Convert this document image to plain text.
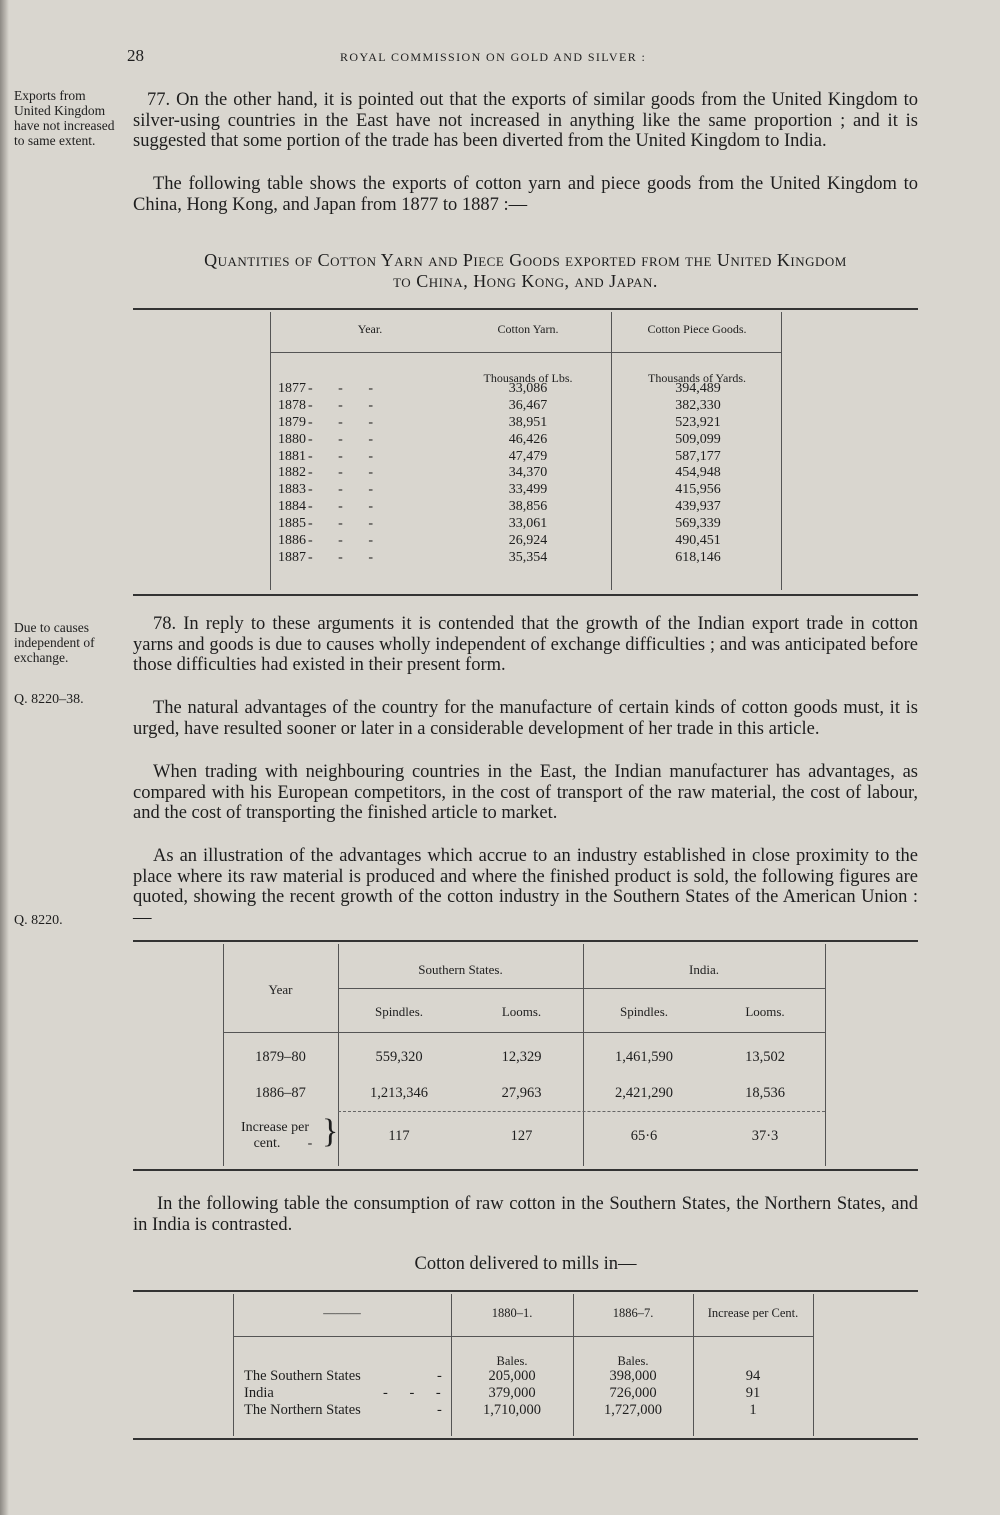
28	ROYAL COMMISSION ON GOLD AND SILVER :
Exports from United Kingdom have not increased to same extent.
Due to causes independent of exchange.
Q. 8220–38.
Q. 8220.

77. On the other hand, it is pointed out that the exports of similar goods from the United Kingdom to silver-using countries in the East have not increased in anything like the same proportion ; and it is suggested that some portion of the trade has been diverted from the United Kingdom to India.

The following table shows the exports of cotton yarn and piece goods from the United Kingdom to China, Hong Kong, and Japan from 1877 to 1887 :—

Quantities of Cotton Yarn and Piece Goods exported from the United Kingdom
to China, Hong Kong, and Japan.
Year.	Cotton Yarn.	Cotton Piece Goods.
Thousands of Lbs.	Thousands of Yards.
1877 - - -	33,086	394,489
1878 - - -	36,467	382,330
1879 - - -	38,951	523,921
1880 - - -	46,426	509,099
1881 - - -	47,479	587,177
1882 - - -	34,370	454,948
1883 - - -	33,499	415,956
1884 - - -	38,856	439,937
1885 - - -	33,061	569,339
1886 - - -	26,924	490,451
1887 - - -	35,354	618,146

78. In reply to these arguments it is contended that the growth of the Indian export trade in cotton yarns and goods is due to causes wholly independent of exchange difficulties ; and was anticipated before those difficulties had existed in their present form.

The natural advantages of the country for the manufacture of certain kinds of cotton goods must, it is urged, have resulted sooner or later in a considerable development of her trade in this article.

When trading with neighbouring countries in the East, the Indian manufacturer has advantages, as compared with his European competitors, in the cost of transport of the raw material, the cost of labour, and the cost of transporting the finished article to market.

As an illustration of the advantages which accrue to an industry established in close proximity to the place where its raw material is produced and where the finished product is sold, the following figures are quoted, showing the recent growth of the cotton industry in the Southern States of the American Union :—

Year
Southern States.	India.
Spindles.	Looms.	Spindles.	Looms.
1879–80	559,320	12,329	1,461,590	13,502
1886–87	1,213,346	27,963	2,421,290	18,536
Increase per
cent.	- }	117	127	65·6	37·3

In the following table the consumption of raw cotton in the Southern States, the Northern States, and in India is contrasted.

Cotton delivered to mills in—
———	1880–1.	1886–7.	Increase per Cent.
Bales.	Bales.
The Southern States	-	205,000	398,000	94
India	- - -	379,000	726,000	91
The Northern States	-	1,710,000	1,727,000	1
